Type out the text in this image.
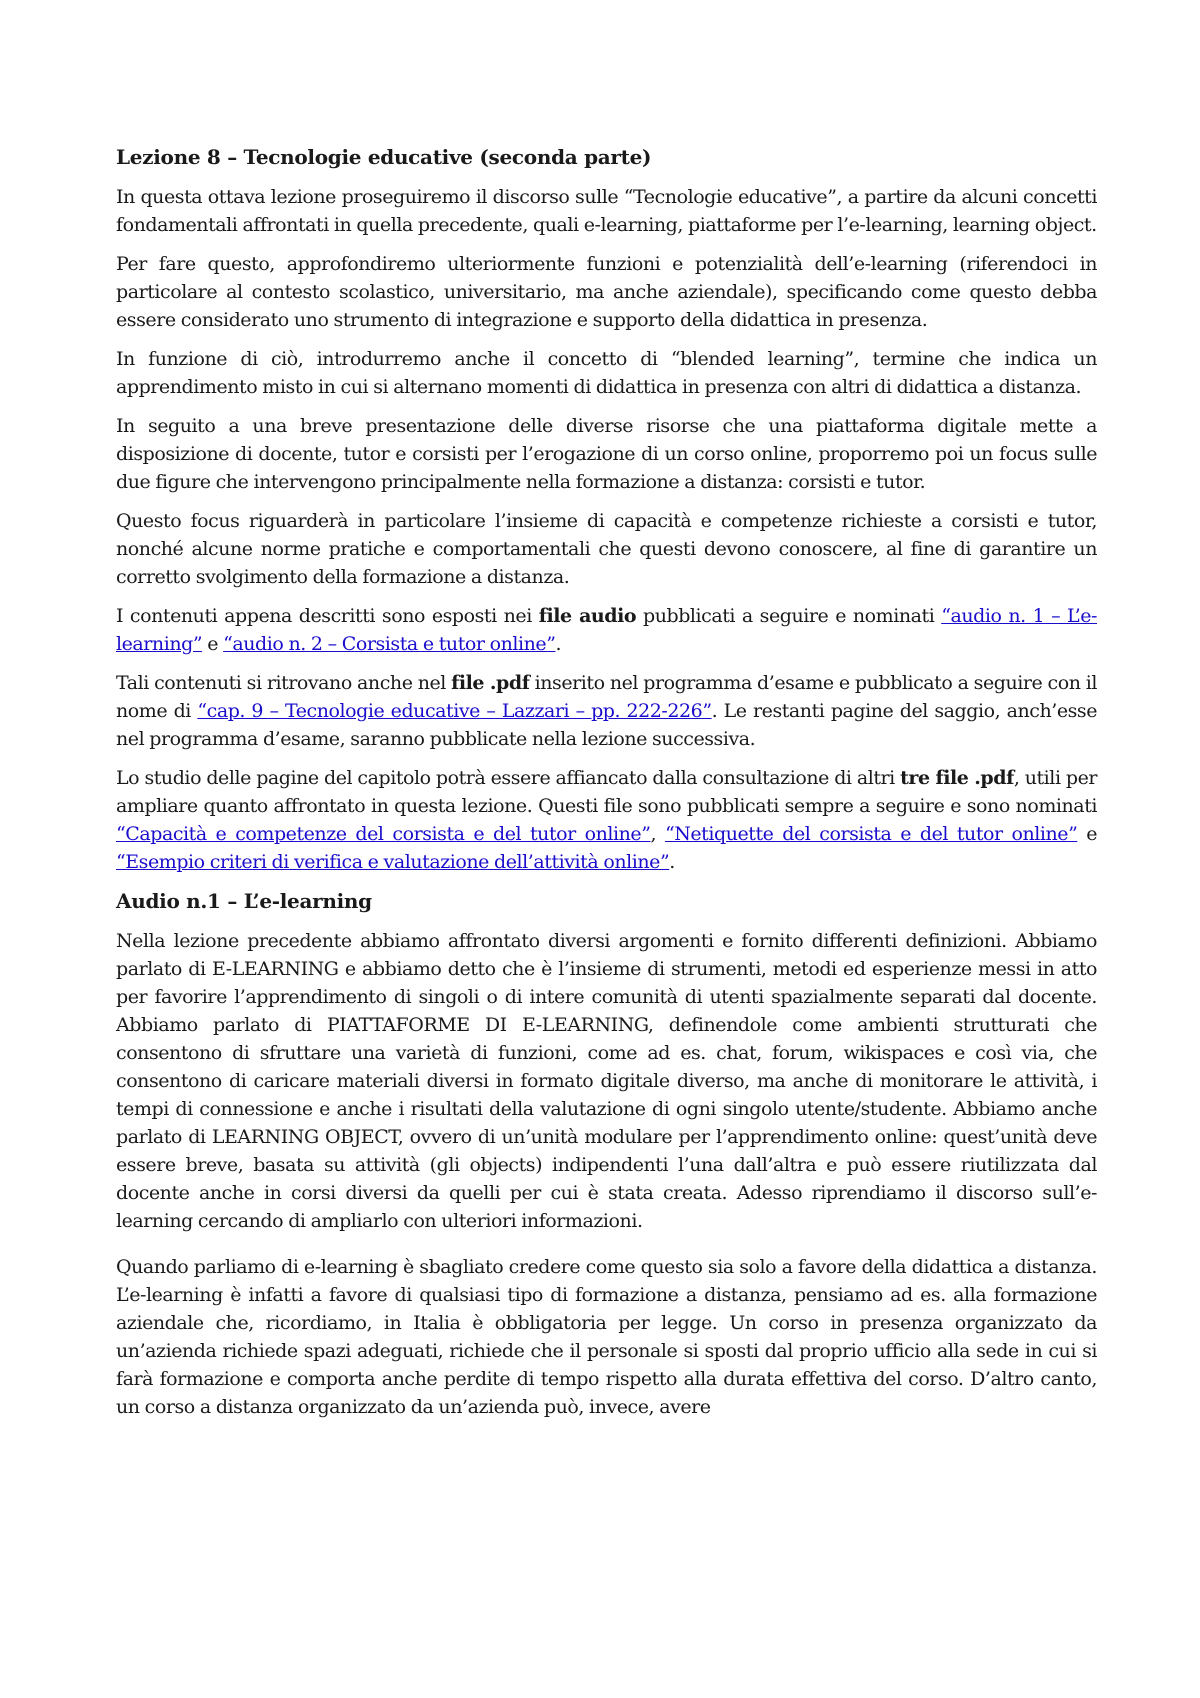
Lezione 8 – Tecnologie educative (seconda parte)

In questa ottava lezione proseguiremo il discorso sulle “Tecnologie educative”, a partire da alcuni concetti fondamentali affrontati in quella precedente, quali e-learning, piattaforme per l’e-learning, learning object.

Per fare questo, approfondiremo ulteriormente funzioni e potenzialità dell’e-learning (riferendoci in particolare al contesto scolastico, universitario, ma anche aziendale), specificando come questo debba essere considerato uno strumento di integrazione e supporto della didattica in presenza.

In funzione di ciò, introdurremo anche il concetto di “blended learning”, termine che indica un apprendimento misto in cui si alternano momenti di didattica in presenza con altri di didattica a distanza.

In seguito a una breve presentazione delle diverse risorse che una piattaforma digitale mette a disposizione di docente, tutor e corsisti per l’erogazione di un corso online, proporremo poi un focus sulle due figure che intervengono principalmente nella formazione a distanza: corsisti e tutor.

Questo focus riguarderà in particolare l’insieme di capacità e competenze richieste a corsisti e tutor, nonché alcune norme pratiche e comportamentali che questi devono conoscere, al fine di garantire un corretto svolgimento della formazione a distanza.

I contenuti appena descritti sono esposti nei file audio pubblicati a seguire e nominati “audio n. 1 – L’e-learning” e “audio n. 2 – Corsista e tutor online”.

Tali contenuti si ritrovano anche nel file .pdf inserito nel programma d’esame e pubblicato a seguire con il nome di “cap. 9 – Tecnologie educative – Lazzari – pp. 222-226”. Le restanti pagine del saggio, anch’esse nel programma d’esame, saranno pubblicate nella lezione successiva.

Lo studio delle pagine del capitolo potrà essere affiancato dalla consultazione di altri tre file .pdf, utili per ampliare quanto affrontato in questa lezione. Questi file sono pubblicati sempre a seguire e sono nominati “Capacità e competenze del corsista e del tutor online”, “Netiquette del corsista e del tutor online” e “Esempio criteri di verifica e valutazione dell’attività online”.

Audio n.1 – L’e-learning

Nella lezione precedente abbiamo affrontato diversi argomenti e fornito differenti definizioni. Abbiamo parlato di E-LEARNING e abbiamo detto che è l’insieme di strumenti, metodi ed esperienze messi in atto per favorire l’apprendimento di singoli o di intere comunità di utenti spazialmente separati dal docente. Abbiamo parlato di PIATTAFORME DI E-LEARNING, definendole come ambienti strutturati che consentono di sfruttare una varietà di funzioni, come ad es. chat, forum, wikispaces e così via, che consentono di caricare materiali diversi in formato digitale diverso, ma anche di monitorare le attività, i tempi di connessione e anche i risultati della valutazione di ogni singolo utente/studente. Abbiamo anche parlato di LEARNING OBJECT, ovvero di un’unità modulare per l’apprendimento online: quest’unità deve essere breve, basata su attività (gli objects) indipendenti l’una dall’altra e può essere riutilizzata dal docente anche in corsi diversi da quelli per cui è stata creata. Adesso riprendiamo il discorso sull’e-learning cercando di ampliarlo con ulteriori informazioni.

Quando parliamo di e-learning è sbagliato credere come questo sia solo a favore della didattica a distanza. L’e-learning è infatti a favore di qualsiasi tipo di formazione a distanza, pensiamo ad es. alla formazione aziendale che, ricordiamo, in Italia è obbligatoria per legge. Un corso in presenza organizzato da un’azienda richiede spazi adeguati, richiede che il personale si sposti dal proprio ufficio alla sede in cui si farà formazione e comporta anche perdite di tempo rispetto alla durata effettiva del corso. D’altro canto, un corso a distanza organizzato da un’azienda può, invece, avere
